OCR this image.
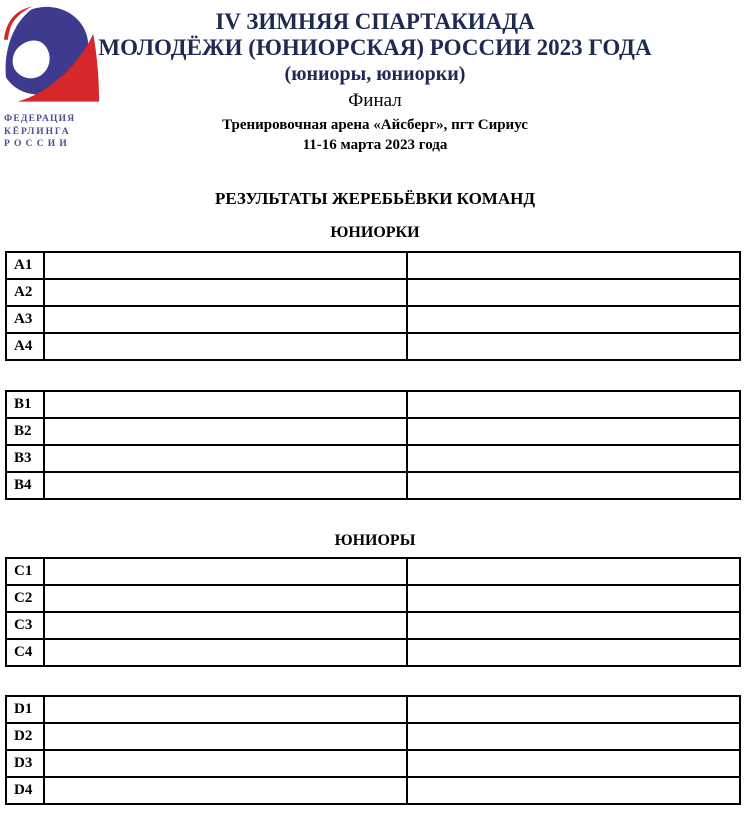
ФЕДЕРАЦИЯ
КЁРЛИНГА
РОССИИ
IV ЗИМНЯЯ СПАРТАКИАДА
МОЛОДЁЖИ (ЮНИОРСКАЯ) РОССИИ 2023 ГОДА
(юниоры, юниорки)
Финал
Тренировочная арена «Айсберг», пгт Сириус
11-16 марта 2023 года
РЕЗУЛЬТАТЫ ЖЕРЕБЬЁВКИ КОМАНД
ЮНИОРКИ
ЮНИОРЫ
A1		
A2		
A3		
A4		
B1		
B2		
B3		
B4		
C1		
C2		
C3		
C4		
D1		
D2		
D3		
D4		
